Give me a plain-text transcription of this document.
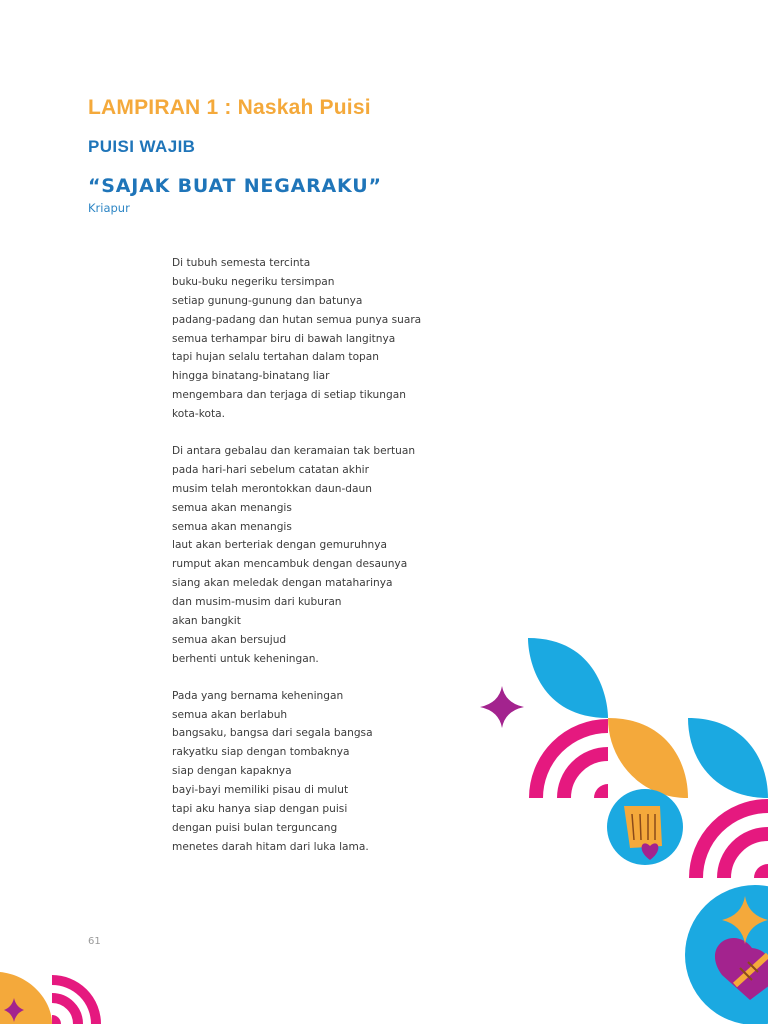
LAMPIRAN 1 : Naskah Puisi
PUISI WAJIB
“SAJAK BUAT NEGARAKU”

Kriapur

Di tubuh semesta tercinta
buku-buku negeriku tersimpan
setiap gunung-gunung dan batunya
padang-padang dan hutan semua punya suara
semua terhampar biru di bawah langitnya
tapi hujan selalu tertahan dalam topan
hingga binatang-binatang liar
mengembara dan terjaga di setiap tikungan
kota-kota.
Di antara gebalau dan keramaian tak bertuan
pada hari-hari sebelum catatan akhir
musim telah merontokkan daun-daun
semua akan menangis
semua akan menangis
laut akan berteriak dengan gemuruhnya
rumput akan mencambuk dengan desaunya
siang akan meledak dengan mataharinya
dan musim-musim dari kuburan
akan bangkit
semua akan bersujud
berhenti untuk keheningan.
Pada yang bernama keheningan
semua akan berlabuh
bangsaku, bangsa dari segala bangsa
rakyatku siap dengan tombaknya
siap dengan kapaknya
bayi-bayi memiliki pisau di mulut
tapi aku hanya siap dengan puisi
dengan puisi bulan terguncang
menetes darah hitam dari luka lama.
61
